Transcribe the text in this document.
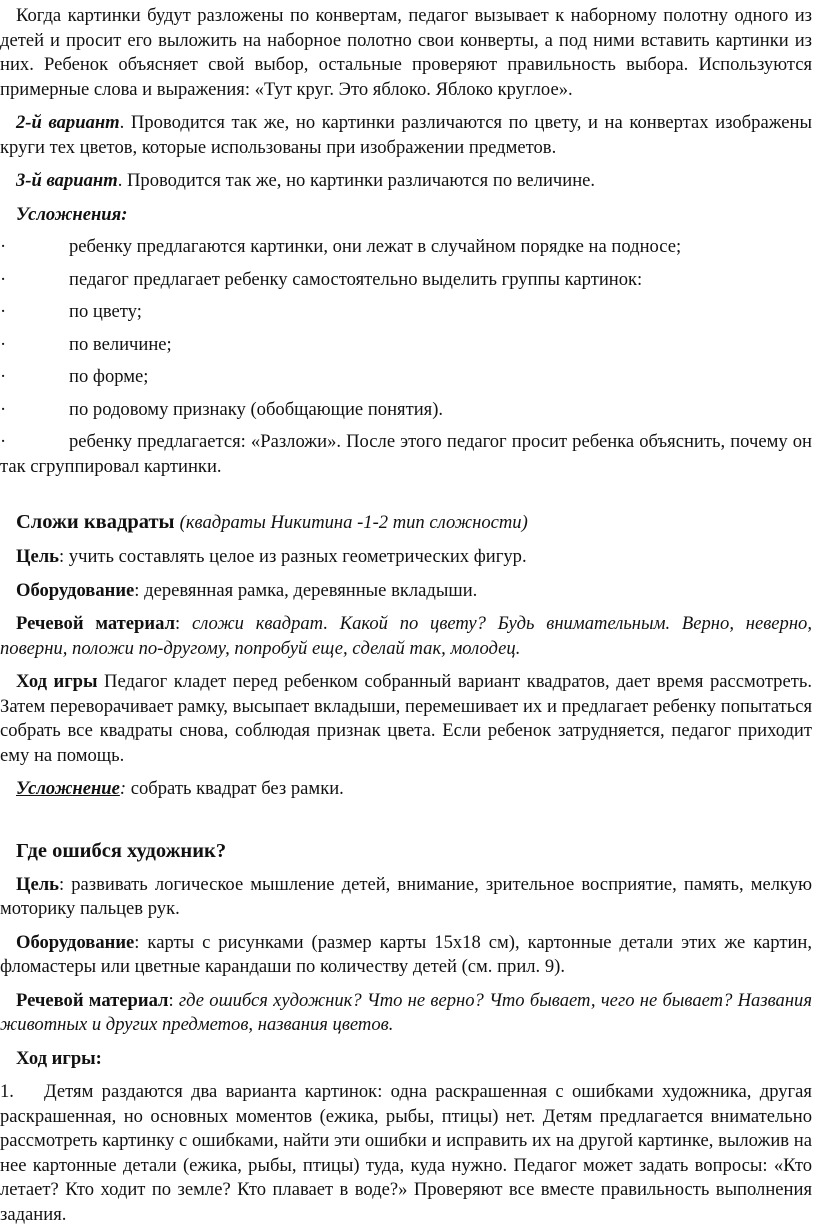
Когда картинки будут разложены по конвертам, педагог вызывает к наборному полотну одного из детей и просит его выложить на наборное полотно свои конверты, а под ними вставить картинки из них. Ребенок объясняет свой выбор, остальные проверяют правильность выбора. Используются примерные слова и выражения: «Тут круг. Это яблоко. Яблоко круглое».

2-й вариант. Проводится так же, но картинки различаются по цвету, и на конвертах изображены круги тех цветов, которые использованы при изображении предметов.

3-й вариант. Проводится так же, но картинки различаются по величине.

Усложнения:

·	ребенку предлагаются картинки, они лежат в случайном порядке на подносе;
·	педагог предлагает ребенку самостоятельно выделить группы картинок:
·	по цвету;
·	по величине;
·	по форме;
·	по родовому признаку (обобщающие понятия).
·	ребенку предлагается: «Разложи». После этого педагог просит ребенка объяснить, почему он так сгруппировал картинки.
Сложи квадраты (квадраты Никитина -1-2 тип сложности)

Цель: учить составлять целое из разных геометрических фигур.

Оборудование: деревянная рамка, деревянные вкладыши.

Речевой материал: сложи квадрат. Какой по цвету? Будь внимательным. Верно, неверно, поверни, положи по-другому, попробуй еще, сделай так, молодец.

Ход игры Педагог кладет перед ребенком собранный вариант квадратов, дает время рассмотреть. Затем переворачивает рамку, высыпает вкладыши, перемешивает их и предлагает ребенку попытаться собрать все квадраты снова, соблюдая признак цвета. Если ребенок затрудняется, педагог приходит ему на помощь.

Усложнение: собрать квадрат без рамки.

Где ошибся художник?

Цель: развивать логическое мышление детей, внимание, зрительное восприятие, память, мелкую моторику пальцев рук.

Оборудование: карты с рисунками (размер карты 15х18 см), картонные детали этих же картин, фломастеры или цветные карандаши по количеству детей (см. прил. 9).

Речевой материал: где ошибся художник? Что не верно? Что бывает, чего не бывает? Названия животных и других предметов, названия цветов.

Ход игры:

1. Детям раздаются два варианта картинок: одна раскрашенная с ошибками художника, другая раскрашенная, но основных моментов (ежика, рыбы, птицы) нет. Детям предлагается внимательно рассмотреть картинку с ошибками, найти эти ошибки и исправить их на другой картинке, выложив на нее картонные детали (ежика, рыбы, птицы) туда, куда нужно. Педагог может задать вопросы: «Кто летает? Кто ходит по земле? Кто плавает в воде?» Проверяют все вместе правильность выполнения задания.
